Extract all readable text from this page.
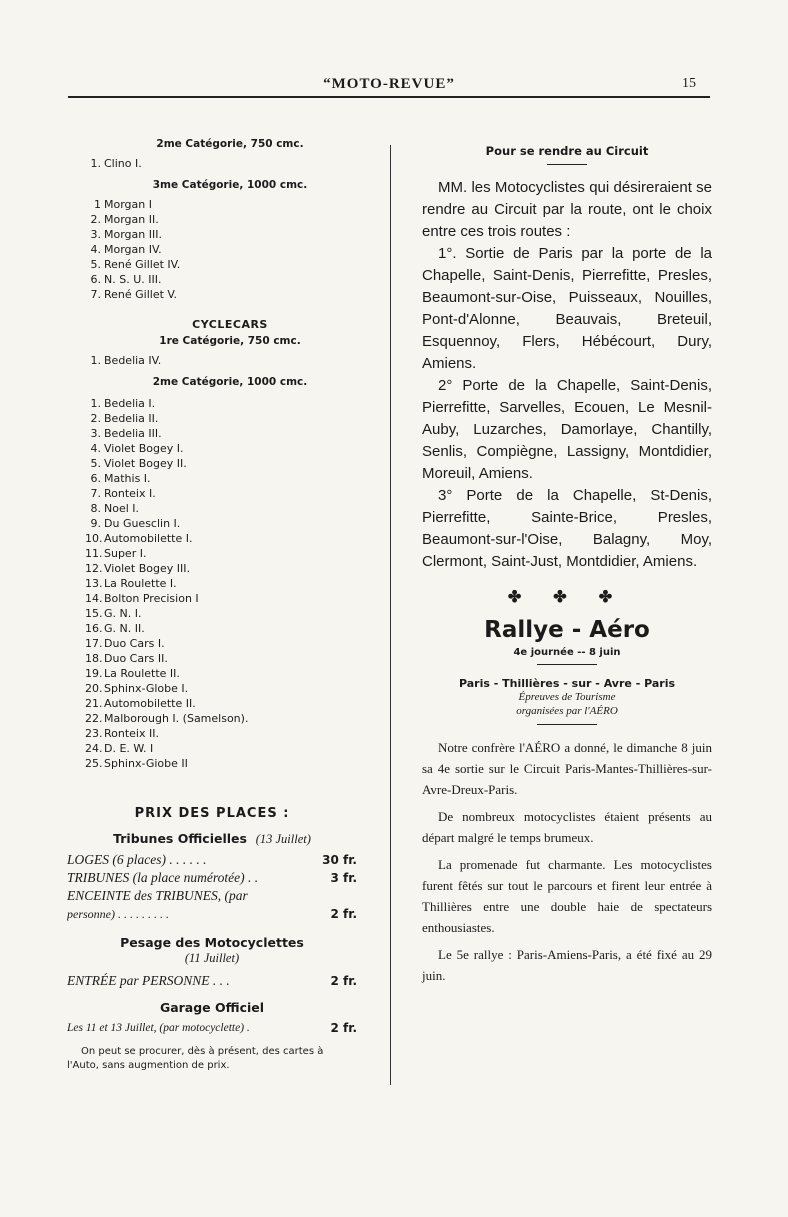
“MOTO-REVUE”	15

2me Catégorie, 750 cmc.

1. Clino I.

3me Catégorie, 1000 cmc.

1 Morgan I
2. Morgan II.
3. Morgan III.
4. Morgan IV.
5. René Gillet IV.
6. N. S. U. III.
7. René Gillet V.

CYCLECARS

1re Catégorie, 750 cmc.

1. Bedelia IV.

2me Catégorie, 1000 cmc.

1. Bedelia I.
2. Bedelia II.
3. Bedelia III.
4. Violet Bogey I.
5. Violet Bogey II.
6. Mathis I.
7. Ronteix I.
8. Noel I.
9. Du Guesclin I.
10. Automobilette I.
11. Super I.
12. Violet Bogey III.
13. La Roulette I.
14. Bolton Precision I
15. G. N. I.
16. G. N. II.
17. Duo Cars I.
18. Duo Cars II.
19. La Roulette II.
20. Sphinx-Globe I.
21. Automobilette II.
22. Malborough I. (Samelson).
23. Ronteix II.
24. D. E. W. I
25. Sphinx-Giobe II
PRIX DES PLACES :
Tribunes Officielles (13 Juillet)
LOGES (6 places) . . . . . .	30 fr.
TRIBUNES (la place numérotée) . .	3 fr.
ENCEINTE des TRIBUNES, (par
personne) . . . . . . . . .	2 fr.
Pesage des Motocyclettes
(11 Juillet)
ENTRÉE par PERSONNE . . .	2 fr.
Garage Officiel
Les 11 et 13 Juillet, (par motocyclette) .	2 fr.
On peut se procurer, dès à présent, des cartes à l'Auto, sans augmention de prix.
Pour se rendre au Circuit

MM. les Motocyclistes qui désireraient se rendre au Circuit par la route, ont le choix entre ces trois routes :

1°. Sortie de Paris par la porte de la Chapelle, Saint-Denis, Pierrefitte, Presles, Beaumont-sur-Oise, Puisseaux, Nouilles, Pont-d'Alonne, Beauvais, Breteuil, Esquennoy, Flers, Hébécourt, Dury, Amiens.

2° Porte de la Chapelle, Saint-Denis, Pierrefitte, Sarvelles, Ecouen, Le Mesnil-Auby, Luzarches, Damorlaye, Chantilly, Senlis, Compiègne, Lassigny, Montdidier, Moreuil, Amiens.

3° Porte de la Chapelle, St-Denis, Pierrefitte, Sainte-Brice, Presles, Beaumont-sur-l'Oise, Balagny, Moy, Clermont, Saint-Just, Montdidier, Amiens.

✤ ✤ ✤
Rallye - Aéro
4e journée -- 8 juin
Paris - Thillières - sur - Avre - Paris
Épreuves de Tourisme
organisées par l'AÉRO

Notre confrère l'AÉRO a donné, le dimanche 8 juin sa 4e sortie sur le Circuit Paris-Mantes-Thillières-sur-Avre-Dreux-Paris.

De nombreux motocyclistes étaient présents au départ malgré le temps brumeux.

La promenade fut charmante. Les motocyclistes furent fêtés sur tout le parcours et firent leur entrée à Thillières entre une double haie de spectateurs enthousiastes.

Le 5e rallye : Paris-Amiens-Paris, a été fixé au 29 juin.
